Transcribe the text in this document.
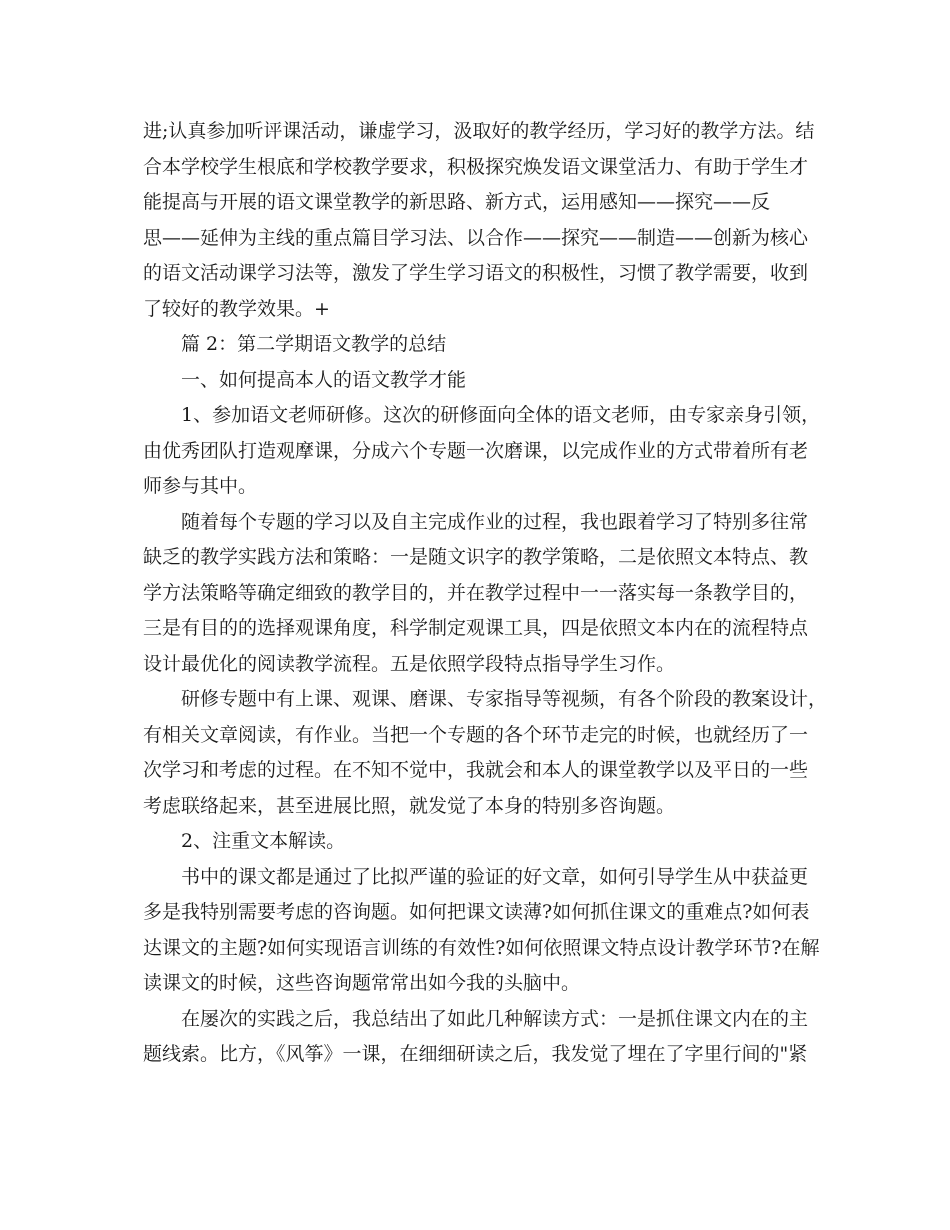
进;认真参加听评课活动，谦虚学习，汲取好的教学经历，学习好的教学方法。结
合本学校学生根底和学校教学要求，积极探究焕发语文课堂活力、有助于学生才
能提高与开展的语文课堂教学的新思路、新方式，运用感知——探究——反
思——延伸为主线的重点篇目学习法、以合作——探究——制造——创新为核心
的语文活动课学习法等，激发了学生学习语文的积极性，习惯了教学需要，收到
了较好的教学效果。+
篇 2：第二学期语文教学的总结
一、如何提高本人的语文教学才能
1、参加语文老师研修。这次的研修面向全体的语文老师，由专家亲身引领，
由优秀团队打造观摩课，分成六个专题一次磨课，以完成作业的方式带着所有老
师参与其中。
随着每个专题的学习以及自主完成作业的过程，我也跟着学习了特别多往常
缺乏的教学实践方法和策略：一是随文识字的教学策略，二是依照文本特点、教
学方法策略等确定细致的教学目的，并在教学过程中一一落实每一条教学目的，
三是有目的的选择观课角度，科学制定观课工具，四是依照文本内在的流程特点
设计最优化的阅读教学流程。五是依照学段特点指导学生习作。
研修专题中有上课、观课、磨课、专家指导等视频，有各个阶段的教案设计，
有相关文章阅读，有作业。当把一个专题的各个环节走完的时候，也就经历了一
次学习和考虑的过程。在不知不觉中，我就会和本人的课堂教学以及平日的一些
考虑联络起来，甚至进展比照，就发觉了本身的特别多咨询题。
2、注重文本解读。
书中的课文都是通过了比拟严谨的验证的好文章，如何引导学生从中获益更
多是我特别需要考虑的咨询题。如何把课文读薄?如何抓住课文的重难点?如何表
达课文的主题?如何实现语言训练的有效性?如何依照课文特点设计教学环节?在解
读课文的时候，这些咨询题常常出如今我的头脑中。
在屡次的实践之后，我总结出了如此几种解读方式：一是抓住课文内在的主
题线索。比方，《风筝》一课，在细细研读之后，我发觉了埋在了字里行间的"紧
